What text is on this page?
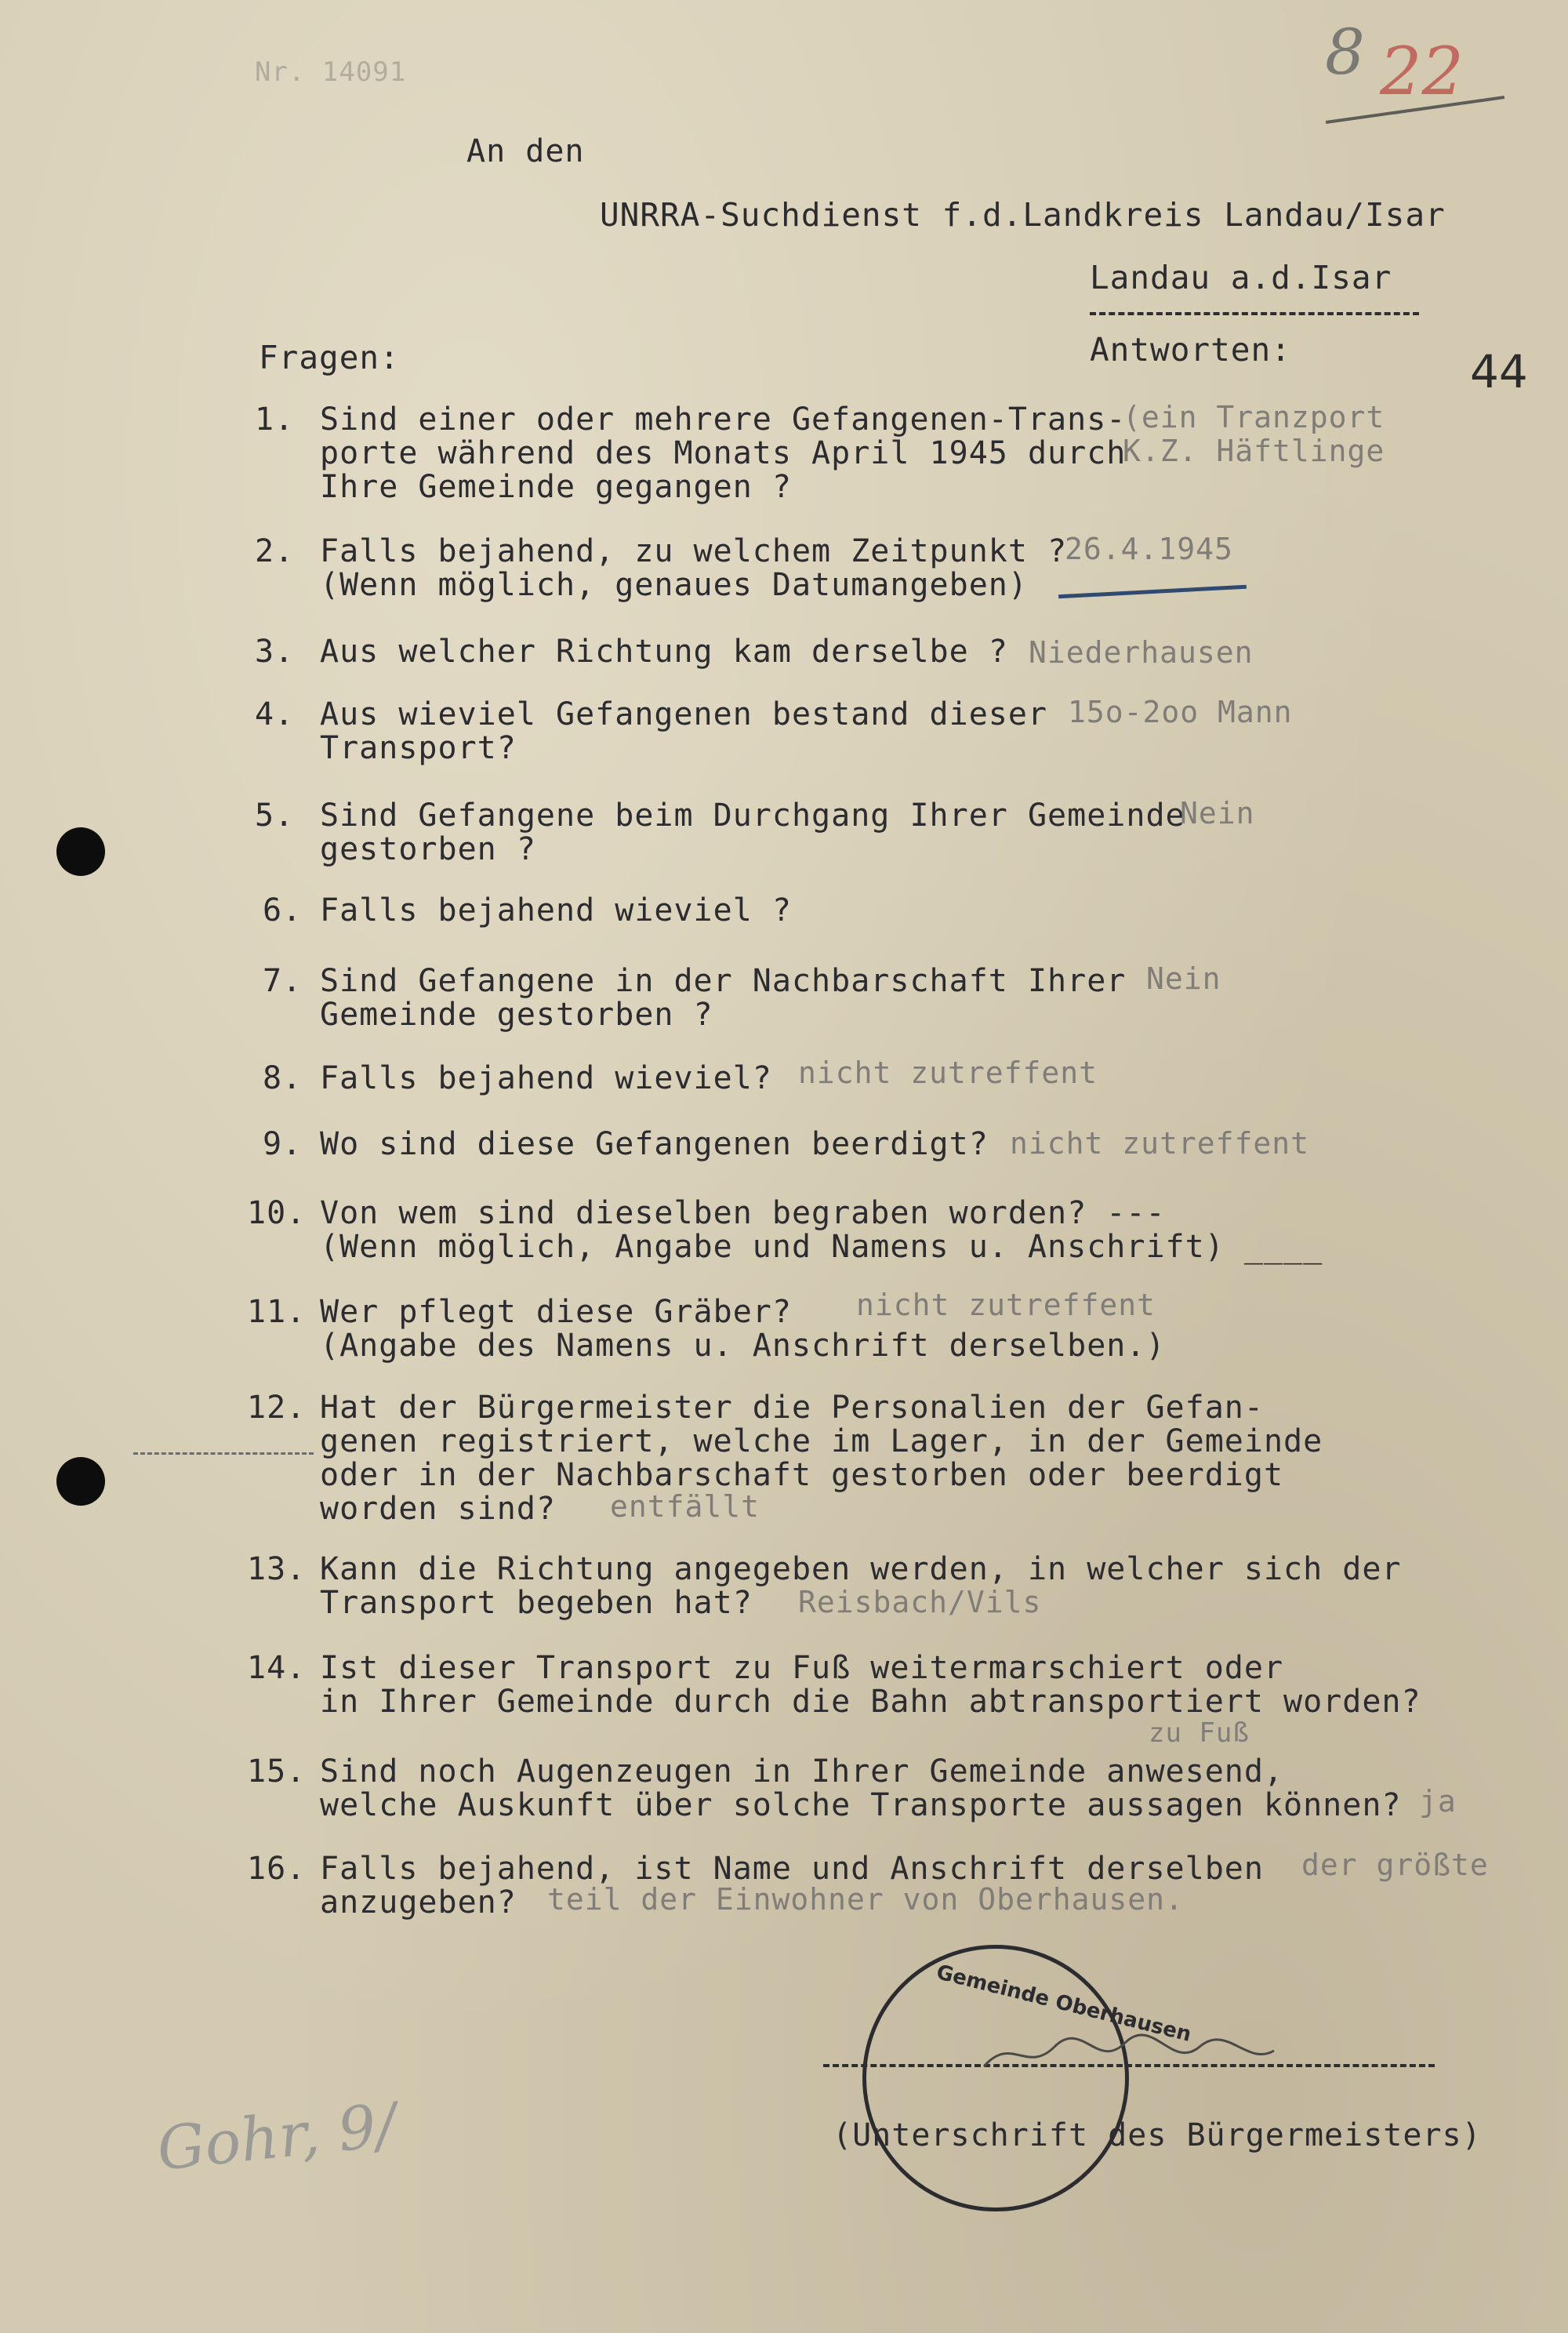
Nr. 14091	8 22
An den
UNRRA-Suchdienst f.d.Landkreis Landau/Isar
Landau a.d.Isar
Fragen:	Antworten:	44
1. Sind einer oder mehrere Gefangenen-Trans-
porte während des Monats April 1945 durch
Ihre Gemeinde gegangen ?
(ein Tranzport
K.Z. Häftlinge
2. Falls bejahend, zu welchem Zeitpunkt ?
(Wenn möglich, genaues Datumangeben)
26.4.1945
3. Aus welcher Richtung kam derselbe ? Niederhausen
4. Aus wieviel Gefangenen bestand dieser
Transport?
15o-2oo Mann
5. Sind Gefangene beim Durchgang Ihrer Gemeinde
gestorben ?
Nein
6. Falls bejahend wieviel ?
7. Sind Gefangene in der Nachbarschaft Ihrer
Gemeinde gestorben ?
Nein
8. Falls bejahend wieviel? nicht zutreffent
9. Wo sind diese Gefangenen beerdigt? nicht zutreffent
10. Von wem sind dieselben begraben worden? ---
(Wenn möglich, Angabe und Namens u. Anschrift) ____
11. Wer pflegt diese Gräber?
(Angabe des Namens u. Anschrift derselben.)
nicht zutreffent
12. Hat der Bürgermeister die Personalien der Gefan-
genen registriert, welche im Lager, in der Gemeinde
oder in der Nachbarschaft gestorben oder beerdigt
worden sind? entfällt
13. Kann die Richtung angegeben werden, in welcher sich der
Transport begeben hat? Reisbach/Vils
14. Ist dieser Transport zu Fuß weitermarschiert oder
in Ihrer Gemeinde durch die Bahn abtransportiert worden?
zu Fuß
15. Sind noch Augenzeugen in Ihrer Gemeinde anwesend,
welche Auskunft über solche Transporte aussagen können? ja
16. Falls bejahend, ist Name und Anschrift derselben
anzugeben?
der größte
teil der Einwohner von Oberhausen.
Gemeinde Oberhausen
(Unterschrift des Bürgermeisters)
Gohr, 9/
